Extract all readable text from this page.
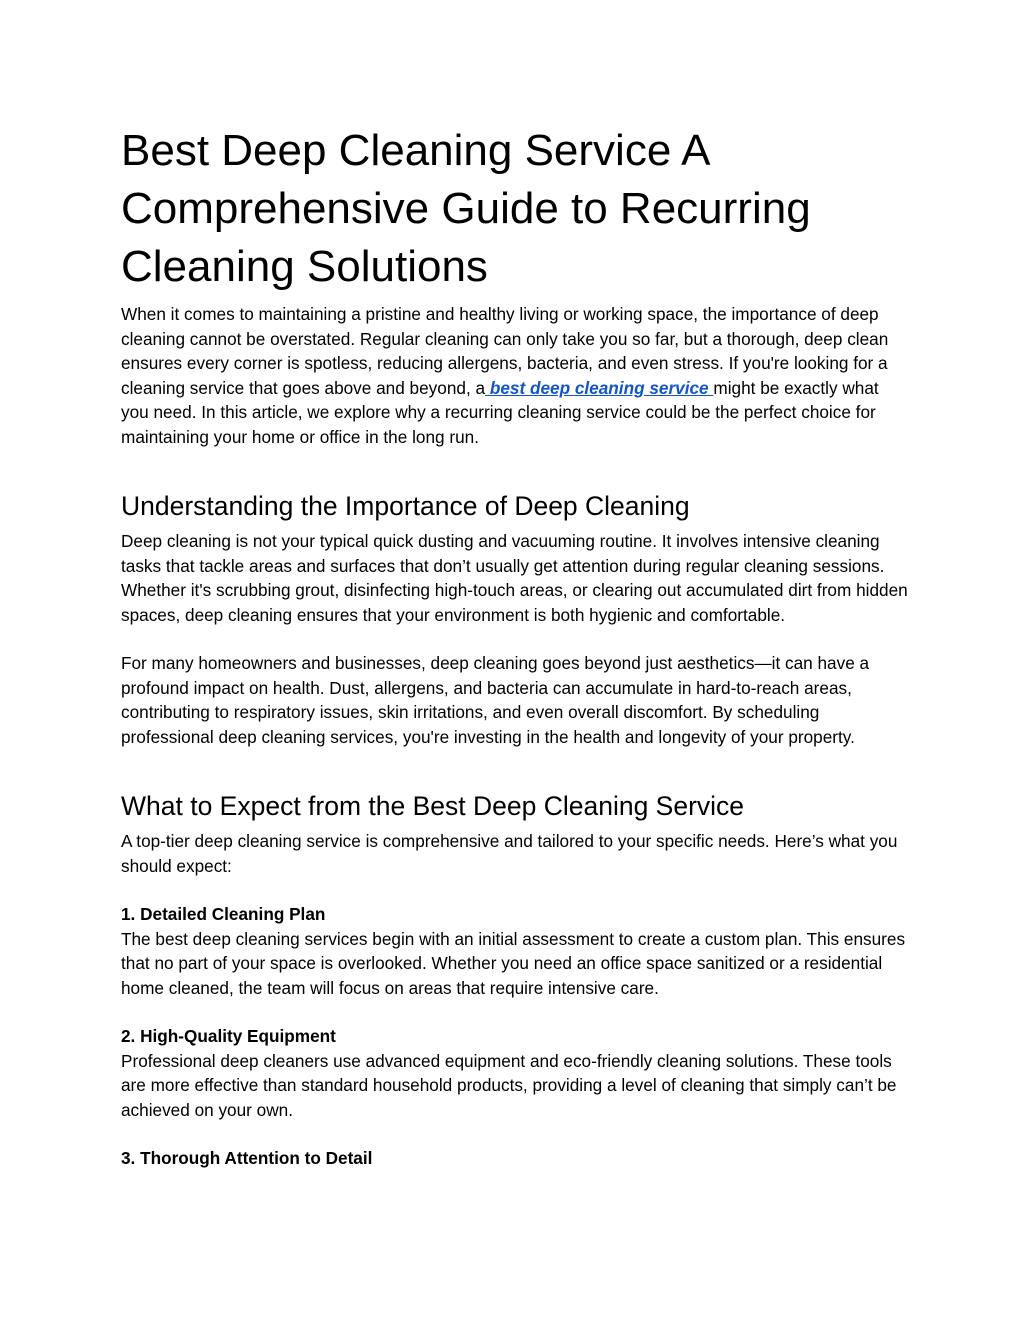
Best Deep Cleaning Service A
Comprehensive Guide to Recurring
Cleaning Solutions

When it comes to maintaining a pristine and healthy living or working space, the importance of deep cleaning cannot be overstated. Regular cleaning can only take you so far, but a thorough, deep clean ensures every corner is spotless, reducing allergens, bacteria, and even stress. If you're looking for a cleaning service that goes above and beyond, a best deep cleaning service might be exactly what you need. In this article, we explore why a recurring cleaning service could be the perfect choice for maintaining your home or office in the long run.

Understanding the Importance of Deep Cleaning

Deep cleaning is not your typical quick dusting and vacuuming routine. It involves intensive cleaning tasks that tackle areas and surfaces that don’t usually get attention during regular cleaning sessions. Whether it's scrubbing grout, disinfecting high-touch areas, or clearing out accumulated dirt from hidden spaces, deep cleaning ensures that your environment is both hygienic and comfortable.

For many homeowners and businesses, deep cleaning goes beyond just aesthetics—it can have a profound impact on health. Dust, allergens, and bacteria can accumulate in hard-to-reach areas, contributing to respiratory issues, skin irritations, and even overall discomfort. By scheduling professional deep cleaning services, you're investing in the health and longevity of your property.

What to Expect from the Best Deep Cleaning Service

A top-tier deep cleaning service is comprehensive and tailored to your specific needs. Here’s what you should expect:

1. Detailed Cleaning Plan

The best deep cleaning services begin with an initial assessment to create a custom plan. This ensures that no part of your space is overlooked. Whether you need an office space sanitized or a residential home cleaned, the team will focus on areas that require intensive care.

2. High-Quality Equipment

Professional deep cleaners use advanced equipment and eco-friendly cleaning solutions. These tools are more effective than standard household products, providing a level of cleaning that simply can’t be achieved on your own.

3. Thorough Attention to Detail
